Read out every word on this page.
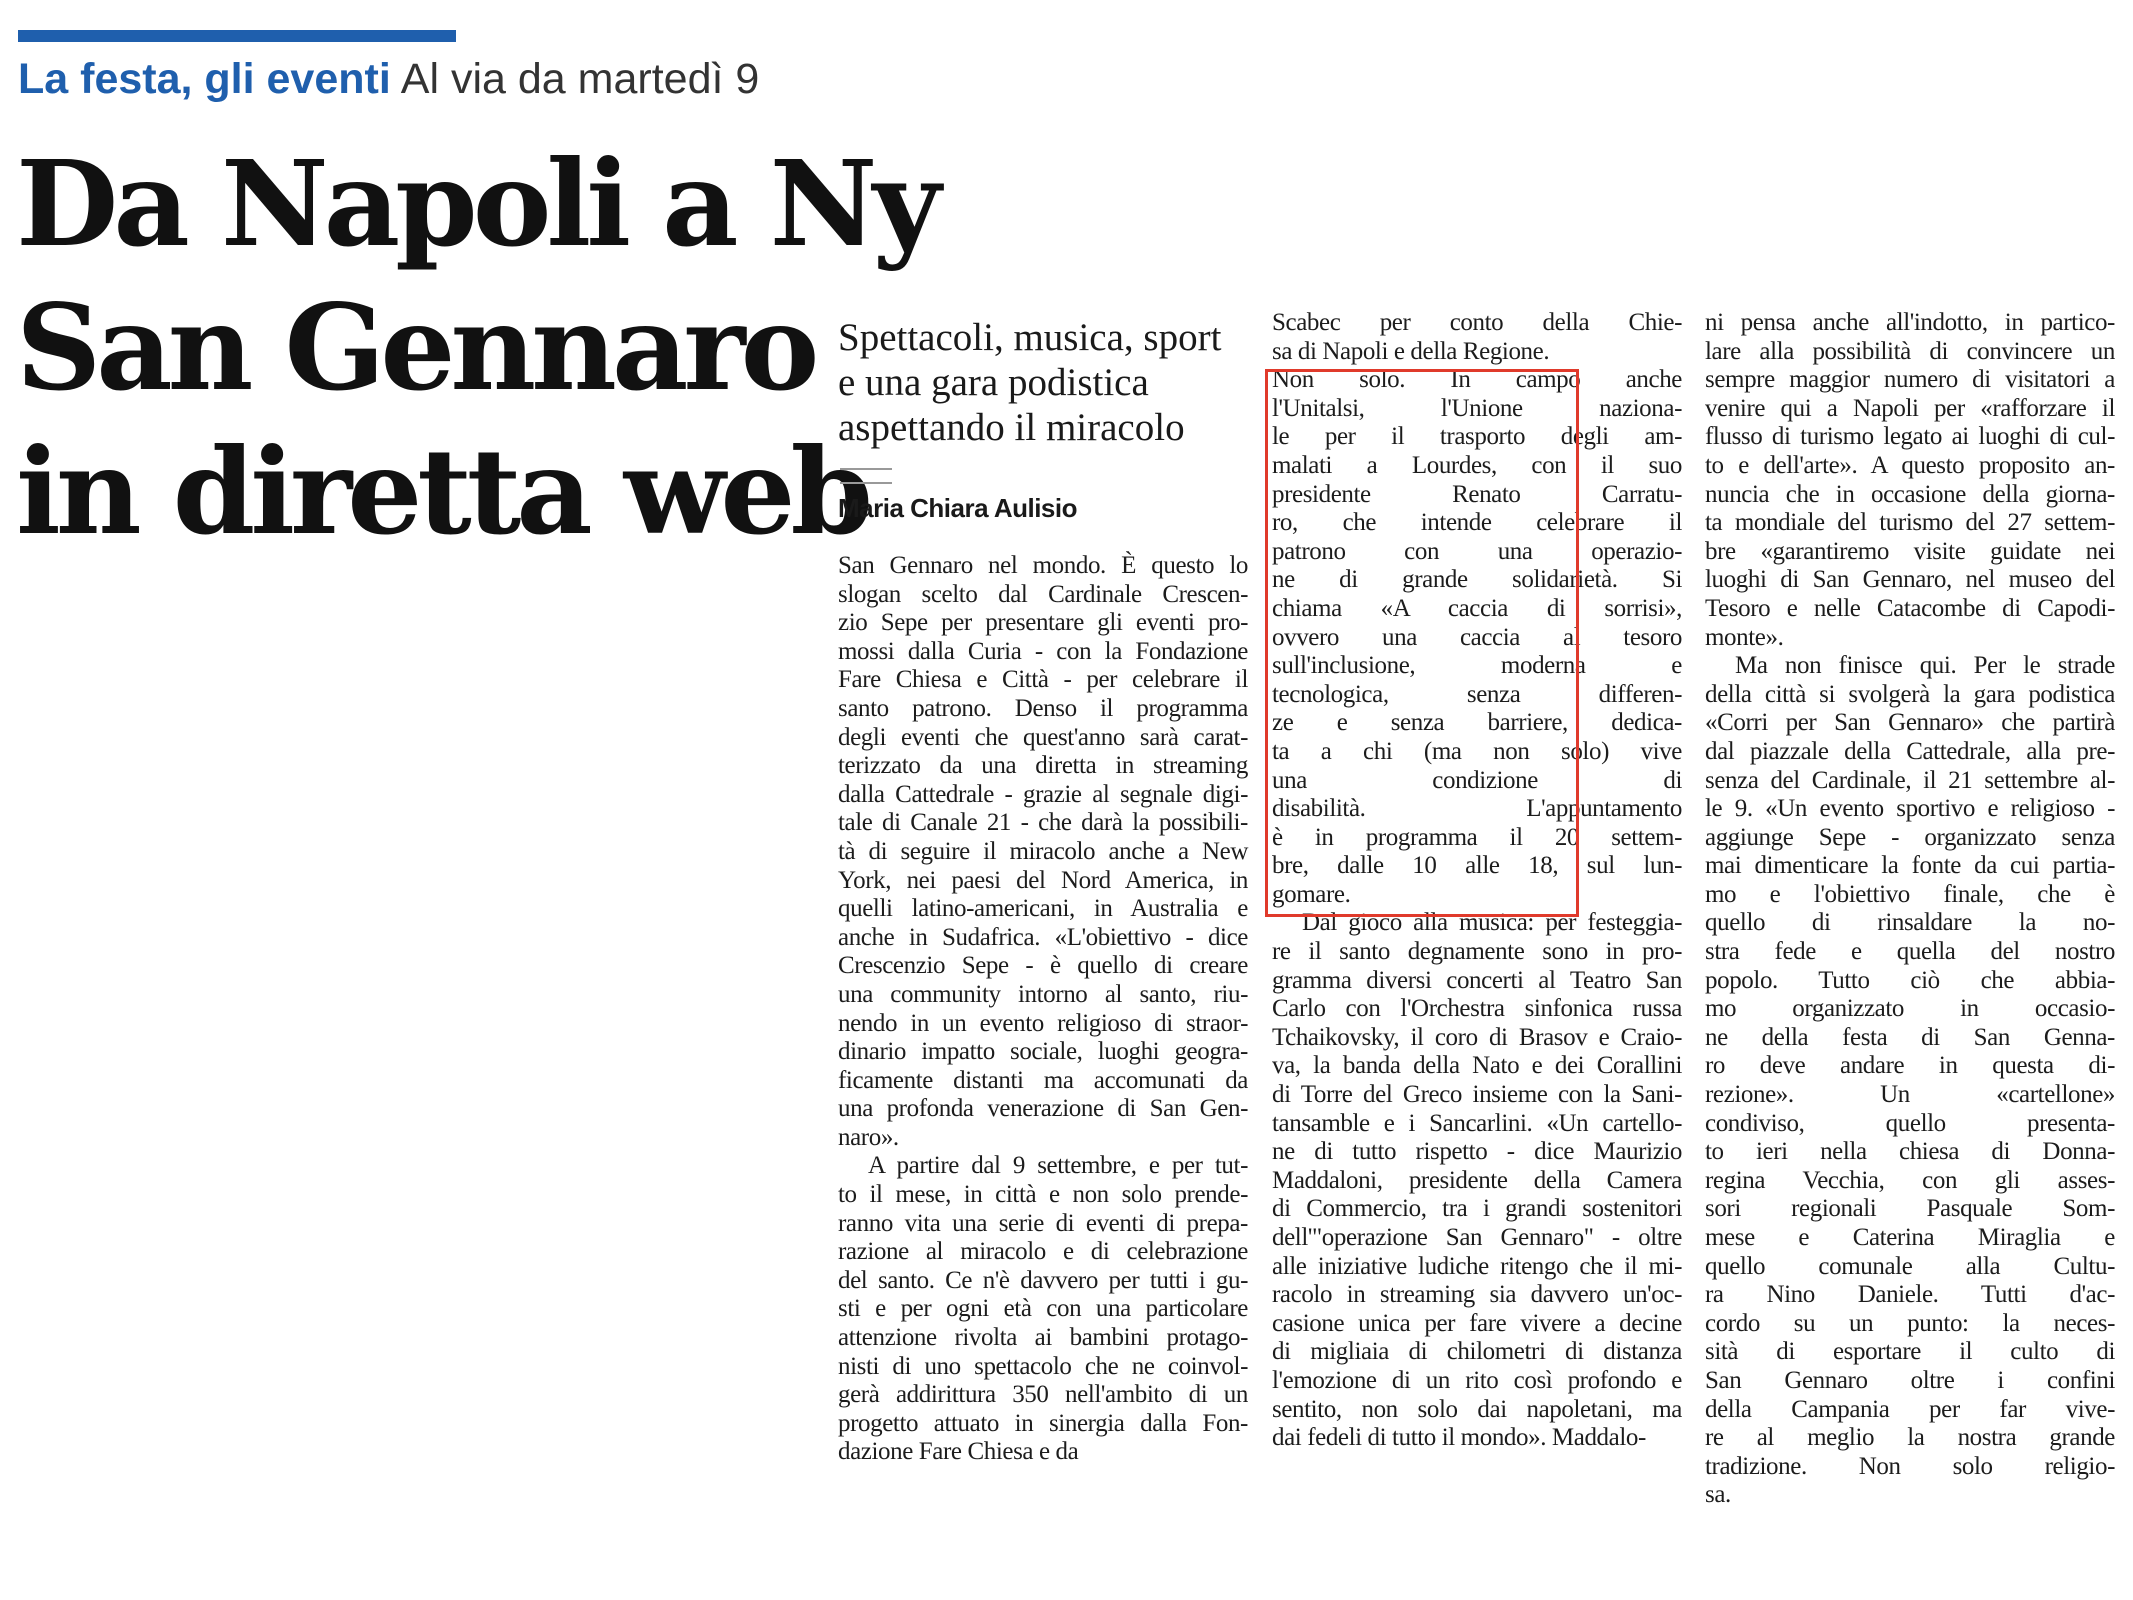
La festa, gli eventi Al via da martedì 9
Da Napoli a Ny
San Gennaro
in diretta web
Spettacoli, musica, sport
e una gara podistica
aspettando il miracolo
Maria Chiara Aulisio
San Gennaro nel mondo. È questo lo
slogan scelto dal Cardinale Crescen-
zio Sepe per presentare gli eventi pro-
mossi dalla Curia - con la Fondazione
Fare Chiesa e Città - per celebrare il
santo patrono. Denso il programma
degli eventi che quest'anno sarà carat-
terizzato da una diretta in streaming
dalla Cattedrale - grazie al segnale digi-
tale di Canale 21 - che darà la possibili-
tà di seguire il miracolo anche a New
York, nei paesi del Nord America, in
quelli latino-americani, in Australia e
anche in Sudafrica. «L'obiettivo - dice
Crescenzio Sepe - è quello di creare
una community intorno al santo, riu-
nendo in un evento religioso di straor-
dinario impatto sociale, luoghi geogra-
ficamente distanti ma accomunati da
una profonda venerazione di San Gen-
naro».
A partire dal 9 settembre, e per tut-
to il mese, in città e non solo prende-
ranno vita una serie di eventi di prepa-
razione al miracolo e di celebrazione
del santo. Ce n'è davvero per tutti i gu-
sti e per ogni età con una particolare
attenzione rivolta ai bambini protago-
nisti di uno spettacolo che ne coinvol-
gerà addirittura 350 nell'ambito di un
progetto attuato in sinergia dalla Fon-
dazione Fare Chiesa e da
Scabec per conto della Chie-
sa di Napoli e della Regione.
Non solo. In campo anche
l'Unitalsi, l'Unione naziona-
le per il trasporto degli am-
malati a Lourdes, con il suo
presidente Renato Carratu-
ro, che intende celebrare il
patrono con una operazio-
ne di grande solidarietà. Si
chiama «A caccia di sorrisi»,
ovvero una caccia al tesoro
sull'inclusione, moderna e
tecnologica, senza differen-
ze e senza barriere, dedica-
ta a chi (ma non solo) vive
una condizione di
disabilità. L'appuntamento
è in programma il 20 settem-
bre, dalle 10 alle 18, sul lun-
gomare.
Dal gioco alla musica: per festeggia-
re il santo degnamente sono in pro-
gramma diversi concerti al Teatro San
Carlo con l'Orchestra sinfonica russa
Tchaikovsky, il coro di Brasov e Craio-
va, la banda della Nato e dei Corallini
di Torre del Greco insieme con la Sani-
tansamble e i Sancarlini. «Un cartello-
ne di tutto rispetto - dice Maurizio
Maddaloni, presidente della Camera
di Commercio, tra i grandi sostenitori
dell'"operazione San Gennaro" - oltre
alle iniziative ludiche ritengo che il mi-
racolo in streaming sia davvero un'oc-
casione unica per fare vivere a decine
di migliaia di chilometri di distanza
l'emozione di un rito così profondo e
sentito, non solo dai napoletani, ma
dai fedeli di tutto il mondo». Maddalo-
ni pensa anche all'indotto, in partico-
lare alla possibilità di convincere un
sempre maggior numero di visitatori a
venire qui a Napoli per «rafforzare il
flusso di turismo legato ai luoghi di cul-
to e dell'arte». A questo proposito an-
nuncia che in occasione della giorna-
ta mondiale del turismo del 27 settem-
bre «garantiremo visite guidate nei
luoghi di San Gennaro, nel museo del
Tesoro e nelle Catacombe di Capodi-
monte».
Ma non finisce qui. Per le strade
della città si svolgerà la gara podistica
«Corri per San Gennaro» che partirà
dal piazzale della Cattedrale, alla pre-
senza del Cardinale, il 21 settembre al-
le 9. «Un evento sportivo e religioso -
aggiunge Sepe - organizzato senza
mai dimenticare la fonte da cui partia-
mo e l'obiettivo finale, che è
quello di rinsaldare la no-
stra fede e quella del nostro
popolo. Tutto ciò che abbia-
mo organizzato in occasio-
ne della festa di San Genna-
ro deve andare in questa di-
rezione». Un «cartellone»
condiviso, quello presenta-
to ieri nella chiesa di Donna-
regina Vecchia, con gli asses-
sori regionali Pasquale Som-
mese e Caterina Miraglia e
quello comunale alla Cultu-
ra Nino Daniele. Tutti d'ac-
cordo su un punto: la neces-
sità di esportare il culto di
San Gennaro oltre i confini
della Campania per far vive-
re al meglio la nostra grande
tradizione. Non solo religio-
sa.
